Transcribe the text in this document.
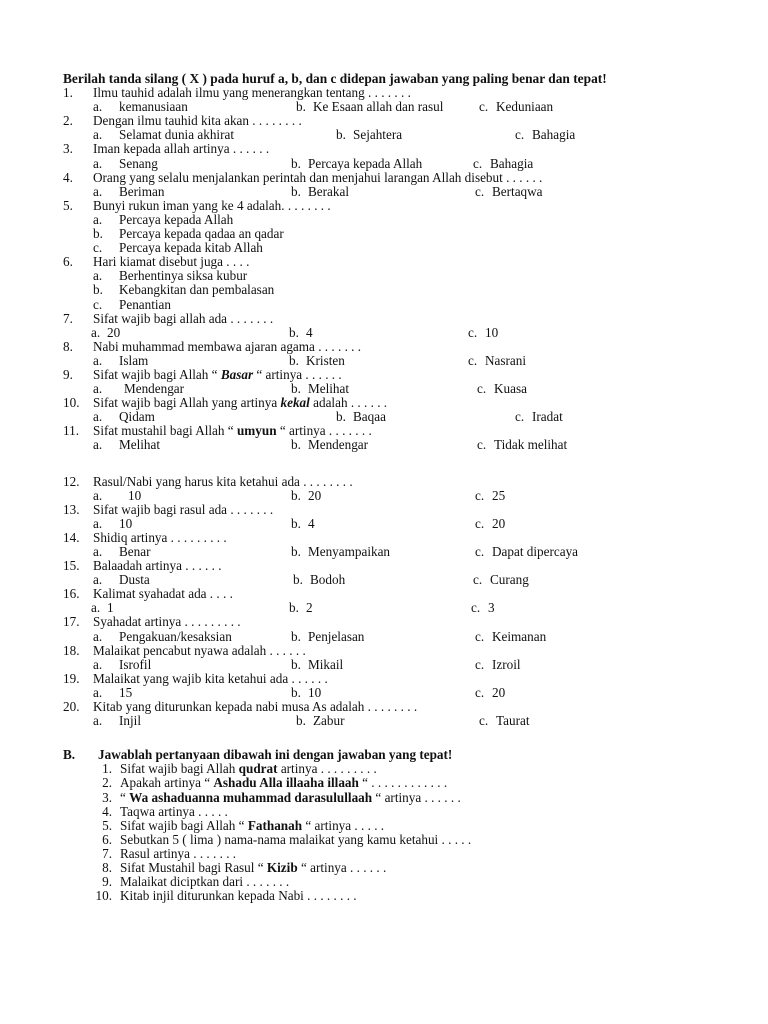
Berilah tanda silang ( X ) pada huruf a, b, dan c didepan jawaban yang paling benar dan tepat!
1. Ilmu tauhid adalah ilmu yang menerangkan tentang . . . . . . .
a. kemanusiaan	b. Ke Esaan allah dan rasul	c. Keduniaan
2. Dengan ilmu tauhid kita akan . . . . . . . .
a. Selamat dunia akhirat	b. Sejahtera	c. Bahagia
3. Iman kepada allah artinya . . . . . .
a. Senang	b. Percaya kepada Allah	c. Bahagia
4. Orang yang selalu menjalankan perintah dan menjahui larangan Allah disebut . . . . . .
a. Beriman	b. Berakal	c. Bertaqwa
5. Bunyi rukun iman yang ke 4 adalah. . . . . . . .
a. Percaya kepada Allah
b. Percaya kepada qadaa an qadar
c. Percaya kepada kitab Allah
6. Hari kiamat disebut juga . . . .
a. Berhentinya siksa kubur
b. Kebangkitan dan pembalasan
c. Penantian
7. Sifat wajib bagi allah ada . . . . . . .
a. 20	b. 4	c. 10
8. Nabi muhammad membawa ajaran agama . . . . . . .
a. Islam	b. Kristen	c. Nasrani
9. Sifat wajib bagi Allah “ Basar “ artinya . . . . . .
a. Mendengar	b. Melihat	c. Kuasa
10. Sifat wajib bagi Allah yang artinya kekal adalah . . . . . .
a. Qidam	b. Baqaa	c. Iradat
11. Sifat mustahil bagi Allah “ umyun “ artinya . . . . . . .
a. Melihat	b. Mendengar	c. Tidak melihat
12. Rasul/Nabi yang harus kita ketahui ada . . . . . . . .
a. 10	b. 20	c. 25
13. Sifat wajib bagi rasul ada . . . . . . .
a. 10	b. 4	c. 20
14. Shidiq artinya . . . . . . . . .
a. Benar	b. Menyampaikan	c. Dapat dipercaya
15. Balaadah artinya . . . . . .
a. Dusta	b. Bodoh	c. Curang
16. Kalimat syahadat ada . . . .
a. 1	b. 2	c. 3
17. Syahadat artinya . . . . . . . . .
a. Pengakuan/kesaksian	b. Penjelasan	c. Keimanan
18. Malaikat pencabut nyawa adalah . . . . . .
a. Isrofil	b. Mikail	c. Izroil
19. Malaikat yang wajib kita ketahui ada . . . . . .
a. 15	b. 10	c. 20
20. Kitab yang diturunkan kepada nabi musa As adalah . . . . . . . .
a. Injil	b. Zabur	c. Taurat
B. Jawablah pertanyaan dibawah ini dengan jawaban yang tepat!
1. Sifat wajib bagi Allah qudrat artinya . . . . . . . . .
2. Apakah artinya “ Ashadu Alla illaaha illaah “ . . . . . . . . . . . .
3. “ Wa ashaduanna muhammad darasulullaah “ artinya . . . . . .
4. Taqwa artinya . . . . .
5. Sifat wajib bagi Allah “ Fathanah “ artinya . . . . .
6. Sebutkan 5 ( lima ) nama-nama malaikat yang kamu ketahui . . . . .
7. Rasul artinya . . . . . . .
8. Sifat Mustahil bagi Rasul “ Kizib “ artinya . . . . . .
9. Malaikat diciptkan dari . . . . . . .
10. Kitab injil diturunkan kepada Nabi . . . . . . . .
